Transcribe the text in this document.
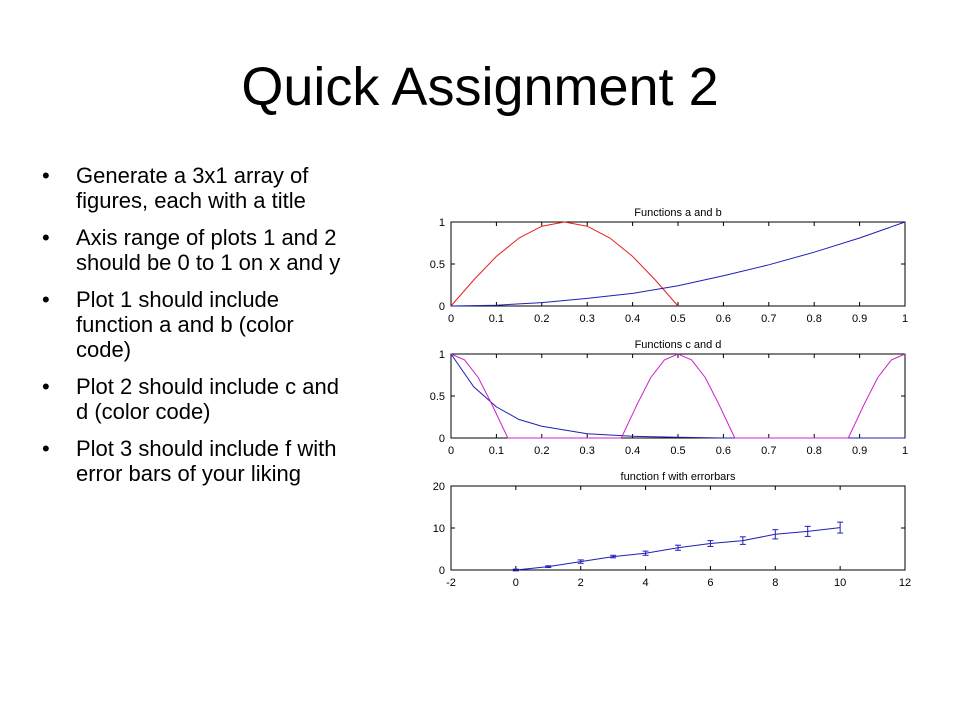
Quick Assignment 2
• Generate a 3x1 array of figures, each with a title
• Axis range of plots 1 and 2 should be 0 to 1 on x and y
• Plot 1 should include function a and b (color code)
• Plot 2 should include c and d (color code)
• Plot 3 should include f with error bars of your liking
Functions a and b
0	0.1	0.2	0.3	0.4	0.5	0.6	0.7	0.8	0.9	1
0
0.5
1
Functions c and d
0	0.1	0.2	0.3	0.4	0.5	0.6	0.7	0.8	0.9	1
0
0.5
1
function f with errorbars
-2	0	2	4	6	8	10	12
0
10
20
